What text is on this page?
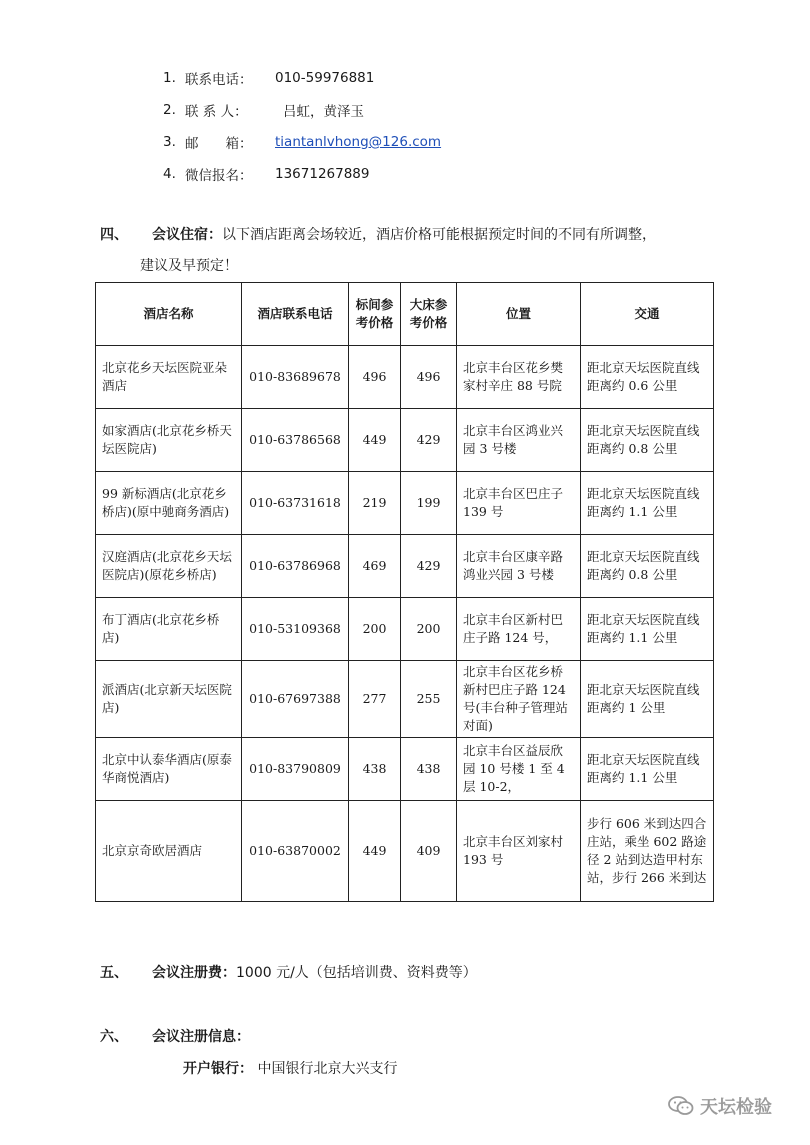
1. 联系电话：	010-59976881
2. 联 系 人：	吕虹，黄泽玉
3. 邮　　箱：	tiantanlvhong@126.com
4. 微信报名：	13671267889
四、	会议住宿： 以下酒店距离会场较近，酒店价格可能根据预定时间的不同有所调整，
建议及早预定！
酒店名称	酒店联系电话	标间参考价格	大床参考价格	位置	交通
北京花乡天坛医院亚朵酒店	010-83689678	496	496	北京丰台区花乡樊家村辛庄 88 号院	距北京天坛医院直线距离约 0.6 公里
如家酒店(北京花乡桥天坛医院店)	010-63786568	449	429	北京丰台区鸿业兴园 3 号楼	距北京天坛医院直线距离约 0.8 公里
99 新标酒店(北京花乡桥店)(原中驰商务酒店)	010-63731618	219	199	北京丰台区巴庄子 139 号	距北京天坛医院直线距离约 1.1 公里
汉庭酒店(北京花乡天坛医院店)(原花乡桥店)	010-63786968	469	429	北京丰台区康辛路鸿业兴园 3 号楼	距北京天坛医院直线距离约 0.8 公里
布丁酒店(北京花乡桥店)	010-53109368	200	200	北京丰台区新村巴庄子路 124 号，	距北京天坛医院直线距离约 1.1 公里
派酒店(北京新天坛医院店)	010-67697388	277	255	北京丰台区花乡桥新村巴庄子路 124 号(丰台种子管理站对面)	距北京天坛医院直线距离约 1 公里
北京中认泰华酒店(原泰华商悦酒店)	010-83790809	438	438	北京丰台区益辰欣园 10 号楼 1 至 4 层 10-2，	距北京天坛医院直线距离约 1.1 公里
北京京奇欧居酒店	010-63870002	449	409	北京丰台区刘家村 193 号	步行 606 米到达四合庄站，乘坐 602 路途径 2 站到达造甲村东站，步行 266 米到达
五、	会议注册费： 1000 元/人（包括培训费、资料费等）
六、	会议注册信息：
开户银行： 中国银行北京大兴支行
天坛检验
